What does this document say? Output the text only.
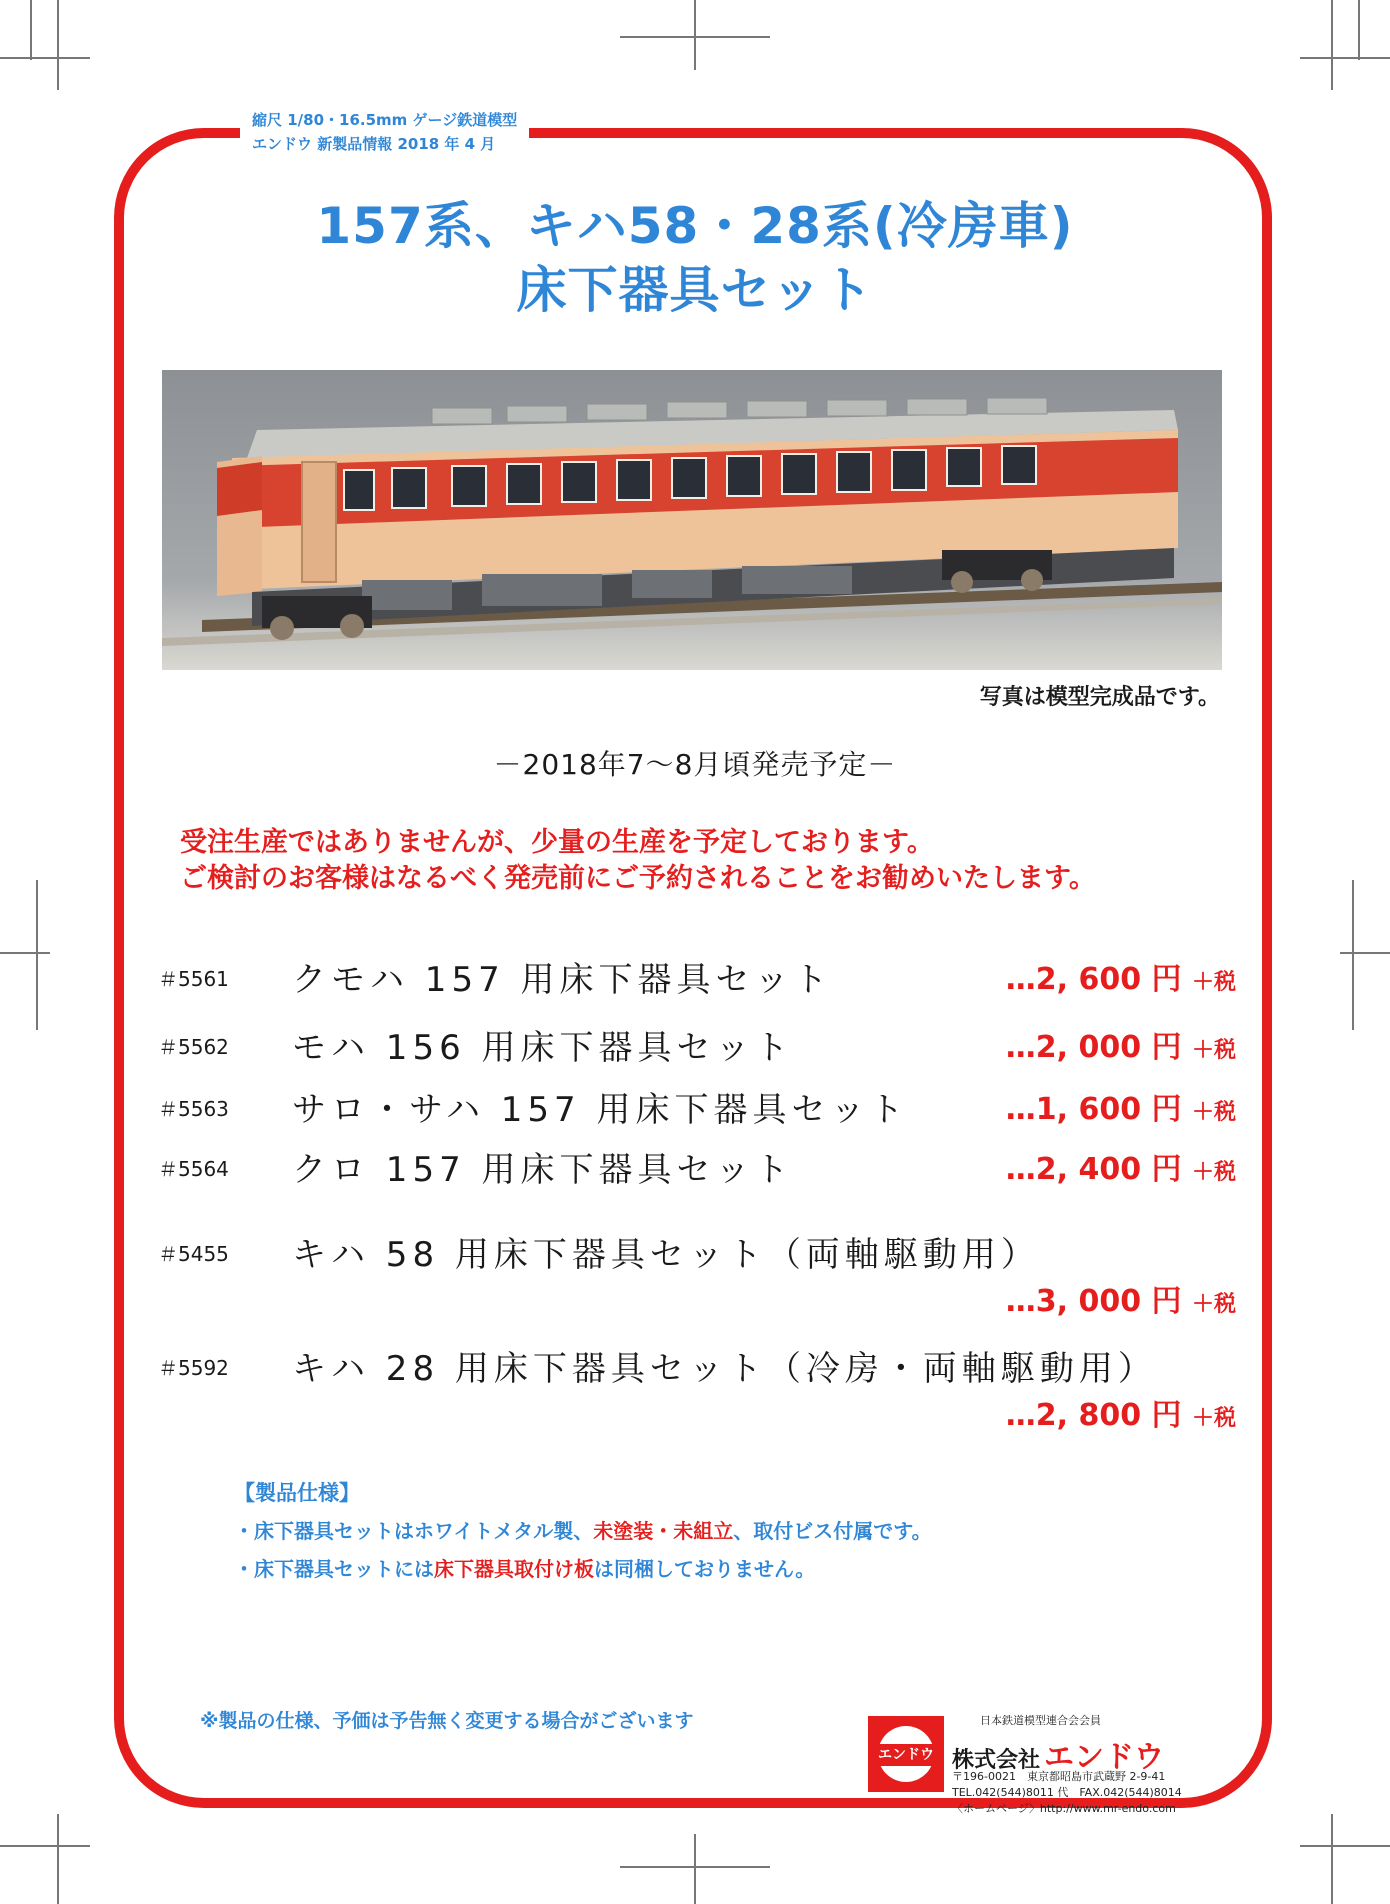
縮尺 1/80・16.5mm ゲージ鉄道模型
エンドウ 新製品情報 2018 年 4 月
157系、キハ58・28系(冷房車)
床下器具セット
写真は模型完成品です。
－2018年7～8月頃発売予定－
受注生産ではありませんが、少量の生産を予定しております。
ご検討のお客様はなるべく発売前にご予約されることをお勧めいたします。
＃5561 クモハ 157 用床下器具セット	…2, 600 円 ＋税
＃5562 モハ 156 用床下器具セット	…2, 000 円 ＋税
＃5563 サロ・サハ 157 用床下器具セット	…1, 600 円 ＋税
＃5564 クロ 157 用床下器具セット	…2, 400 円 ＋税
＃5455 キハ 58 用床下器具セット（両軸駆動用）
…3, 000 円 ＋税
＃5592 キハ 28 用床下器具セット（冷房・両軸駆動用）
…2, 800 円 ＋税
【製品仕様】
・床下器具セットはホワイトメタル製、未塗装・未組立、取付ビス付属です。
・床下器具セットには床下器具取付け板は同梱しておりません。
※製品の仕様、予価は予告無く変更する場合がございます
エンドウ
日本鉄道模型連合会会員
株式会社 エンドウ
〒196-0021　東京都昭島市武蔵野 2-9-41
TEL.042(544)8011 代　FAX.042(544)8014
〈ホームページ〉http://www.mr-endo.com
